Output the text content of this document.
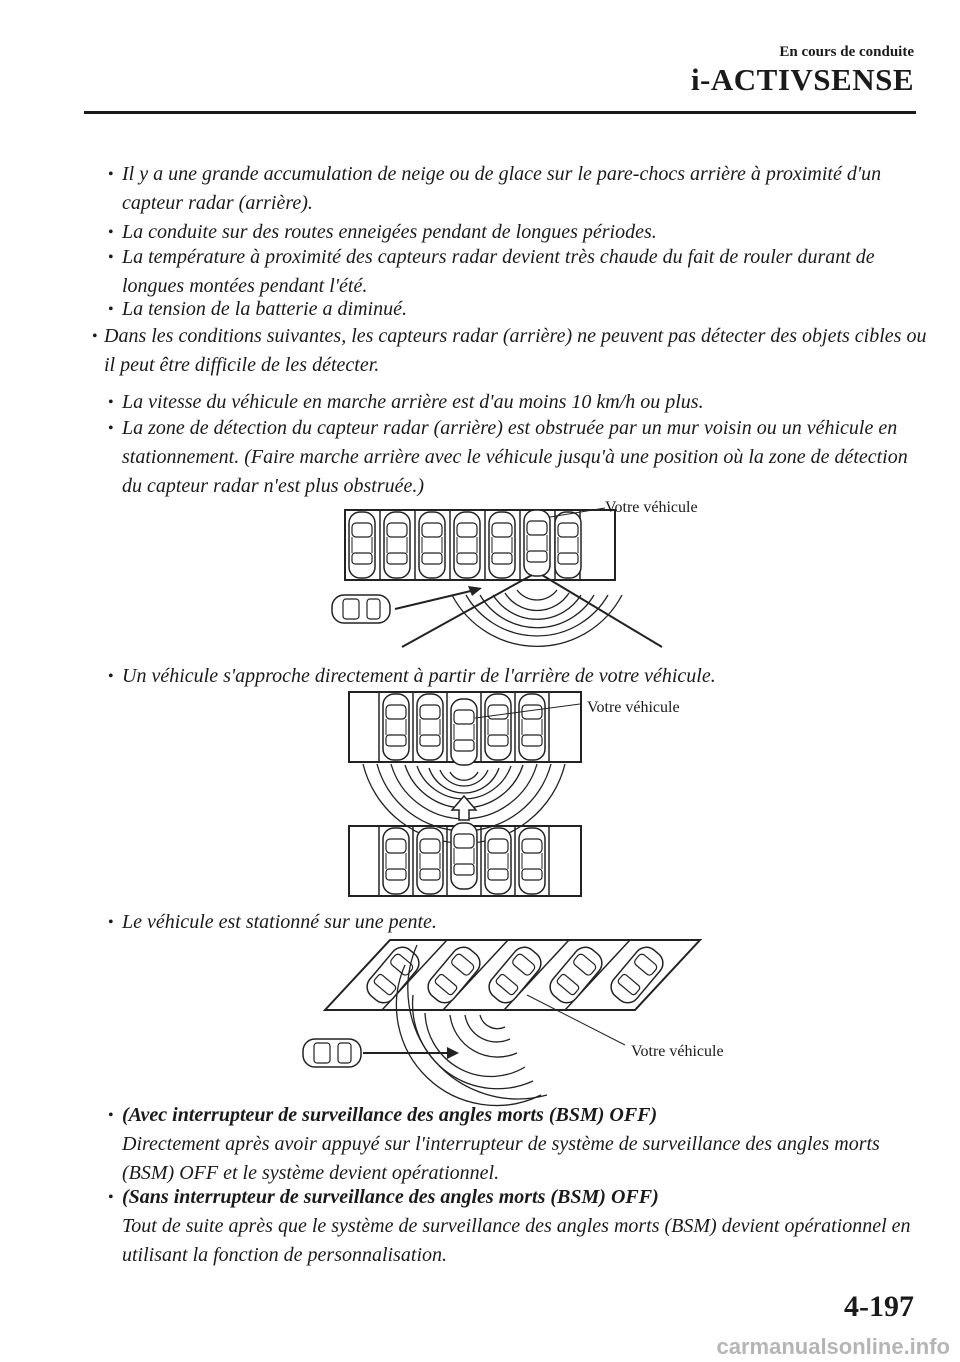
En cours de conduite
i-ACTIVSENSE
• Il y a une grande accumulation de neige ou de glace sur le pare-chocs arrière à proximité d'un capteur radar (arrière).
• La conduite sur des routes enneigées pendant de longues périodes.
• La température à proximité des capteurs radar devient très chaude du fait de rouler durant de longues montées pendant l'été.
• La tension de la batterie a diminué.
• Dans les conditions suivantes, les capteurs radar (arrière) ne peuvent pas détecter des objets cibles ou il peut être difficile de les détecter.
• La vitesse du véhicule en marche arrière est d'au moins 10 km/h ou plus.
• La zone de détection du capteur radar (arrière) est obstruée par un mur voisin ou un véhicule en stationnement. (Faire marche arrière avec le véhicule jusqu'à une position où la zone de détection du capteur radar n'est plus obstruée.)
Votre véhicule
• Un véhicule s'approche directement à partir de l'arrière de votre véhicule.
Votre véhicule
• Le véhicule est stationné sur une pente.
Votre véhicule
• (Avec interrupteur de surveillance des angles morts (BSM) OFF)
Directement après avoir appuyé sur l'interrupteur de système de surveillance des angles morts (BSM) OFF et le système devient opérationnel.
• (Sans interrupteur de surveillance des angles morts (BSM) OFF)
Tout de suite après que le système de surveillance des angles morts (BSM) devient opérationnel en utilisant la fonction de personnalisation.
4-197
carmanualsonline.info
